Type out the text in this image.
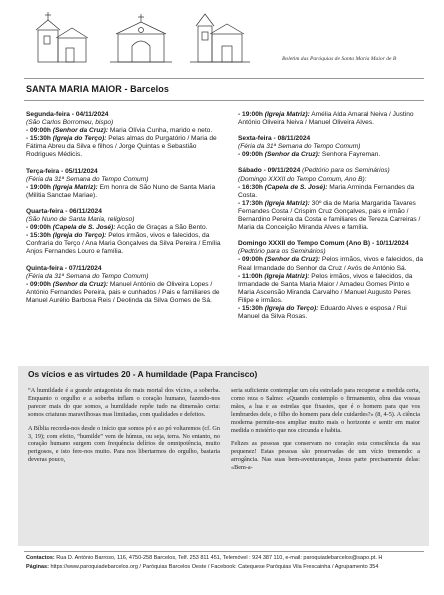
Boletim das Paróquias de Santa Maria Maior de B
SANTA MARIA MAIOR - Barcelos

Segunda-feira - 04/11/2024

(São Carlos Borromeu, bispo)

- 09:00h (Senhor da Cruz): Maria Olívia Cunha, marido e neto.

- 15:30h (Igreja do Terço): Pelas almas do Purgatório / Maria de Fátima Abreu da Silva e filhos / Jorge Quintas e Sebastião Rodrigues Médicis.

Terça-feira - 05/11/2024

(Féria da 31ª Semana do Tempo Comum)

- 19:00h (Igreja Matriz): Em honra de São Nuno de Santa Maria (Militia Sanctae Mariae).

Quarta-feira - 06/11/2024

(São Nuno de Santa Maria, religioso)

- 09:00h (Capela de S. José): Acção de Graças a São Bento.

- 15:30h (Igreja do Terço): Pelos irmãos, vivos e falecidos, da Confraria do Terço / Ana Maria Gonçalves da Silva Pereira / Emília Anjos Fernandes Louro e família.

Quinta-feira - 07/11/2024

(Féria da 31ª Semana do Tempo Comum)

- 09:00h (Senhor da Cruz): Manuel António de Oliveira Lopes / António Fernandes Pereira, pais e cunhados / Pais e familiares de Manuel Aurélio Barbosa Reis / Deolinda da Silva Gomes de Sá.

- 19:00h (Igreja Matriz): Amélia Alda Amaral Neiva / Justino António Oliveira Neiva / Manuel Oliveira Alves.

Sexta-feira - 08/11/2024

(Féria da 31ª Semana do Tempo Comum)

- 09:00h (Senhor da Cruz): Senhora Fayreman.

Sábado - 09/11/2024 (Pedtório para os Seminários)

(Domingo XXXII do Tempo Comum, Ano B):

- 16:30h (Capela de S. José): Maria Arminda Fernandes da Costa.

- 17:30h (Igreja Matriz): 30º dia de Maria Margarida Tavares Fernandes Costa / Crispim Cruz Gonçalves, pais e irmão / Bernardino Pereira da Costa e familiares de Tereza Carreiras / Maria da Conceição Miranda Alves e família.

Domingo XXXII do Tempo Comum (Ano B) - 10/11/2024

(Pedtório para os Seminários)

- 09:00h (Senhor da Cruz): Pelos irmãos, vivos e falecidos, da Real Irmandade do Senhor da Cruz / Avós de António Sá.

- 11:00h (Igreja Matriz): Pelos irmãos, vivos e falecidos, da Irmandade de Santa Maria Maior / Amadeu Gomes Pinto e Maria Ascensão Miranda Carvalho / Manuel Augusto Peres Filipe e irmãos.

- 15:30h (Igreja do Terço): Eduardo Alves e esposa / Rui Manuel da Silva Rosas.

Os vícios e as virtudes 20 - A humildade (Papa Francisco)

“A humildade é a grande antagonista do mais mortal dos vícios, a soberba. Enquanto o orgulho e a soberba inflam o coração humano, fazendo-nos parecer mais do que somos, a humildade repõe tudo na dimensão certa: somos criaturas maravilhosas mas limitadas, com qualidades e defeitos.

A Bíblia recorda-nos desde o início que somos pó e ao pó voltaremos (cf. Gn 3, 19); com efeito, “humilde” vem de húmus, ou seja, terra. No entanto, no coração humano surgem com frequência delírios de omnipotência, muito perigosos, e isto fere-nos muito. Para nos libertarmos do orgulho, bastaria deveras pouco,

seria suficiente contemplar um céu estrelado para recuperar a medida certa, como reza o Salmo: «Quando contemplo o firmamento, obra das vossas mãos, a lua e as estrelas que fixastes, que é o homem para que vos lembrardes dele, o filho do homem para dele cuidardes?» (8, 4-5). A ciência moderna permite-nos ampliar muito mais o horizonte e sentir em maior medida o mistério que nos circunda e habita.

Felizes as pessoas que conservam no coração esta consciência da sua pequenez! Estas pessoas são preservadas de um vício tremendo: a arrogância. Nas suas bem-aventuranças, Jesus parte precisamente delas: «Bem-a-

Contactos: Rua D. António Barroso, 116, 4750-258 Barcelos, Telf. 253 811 451, Telemóvel : 924 387 110, e-mail: paroquiadebarcelos@sapo.pt. H
Páginas: https://www.paroquiadebarcelos.org / Paróquias Barcelos Oeste / Facebook: Catequese Paróquias Vila Frescainha / Agrupamento 354
